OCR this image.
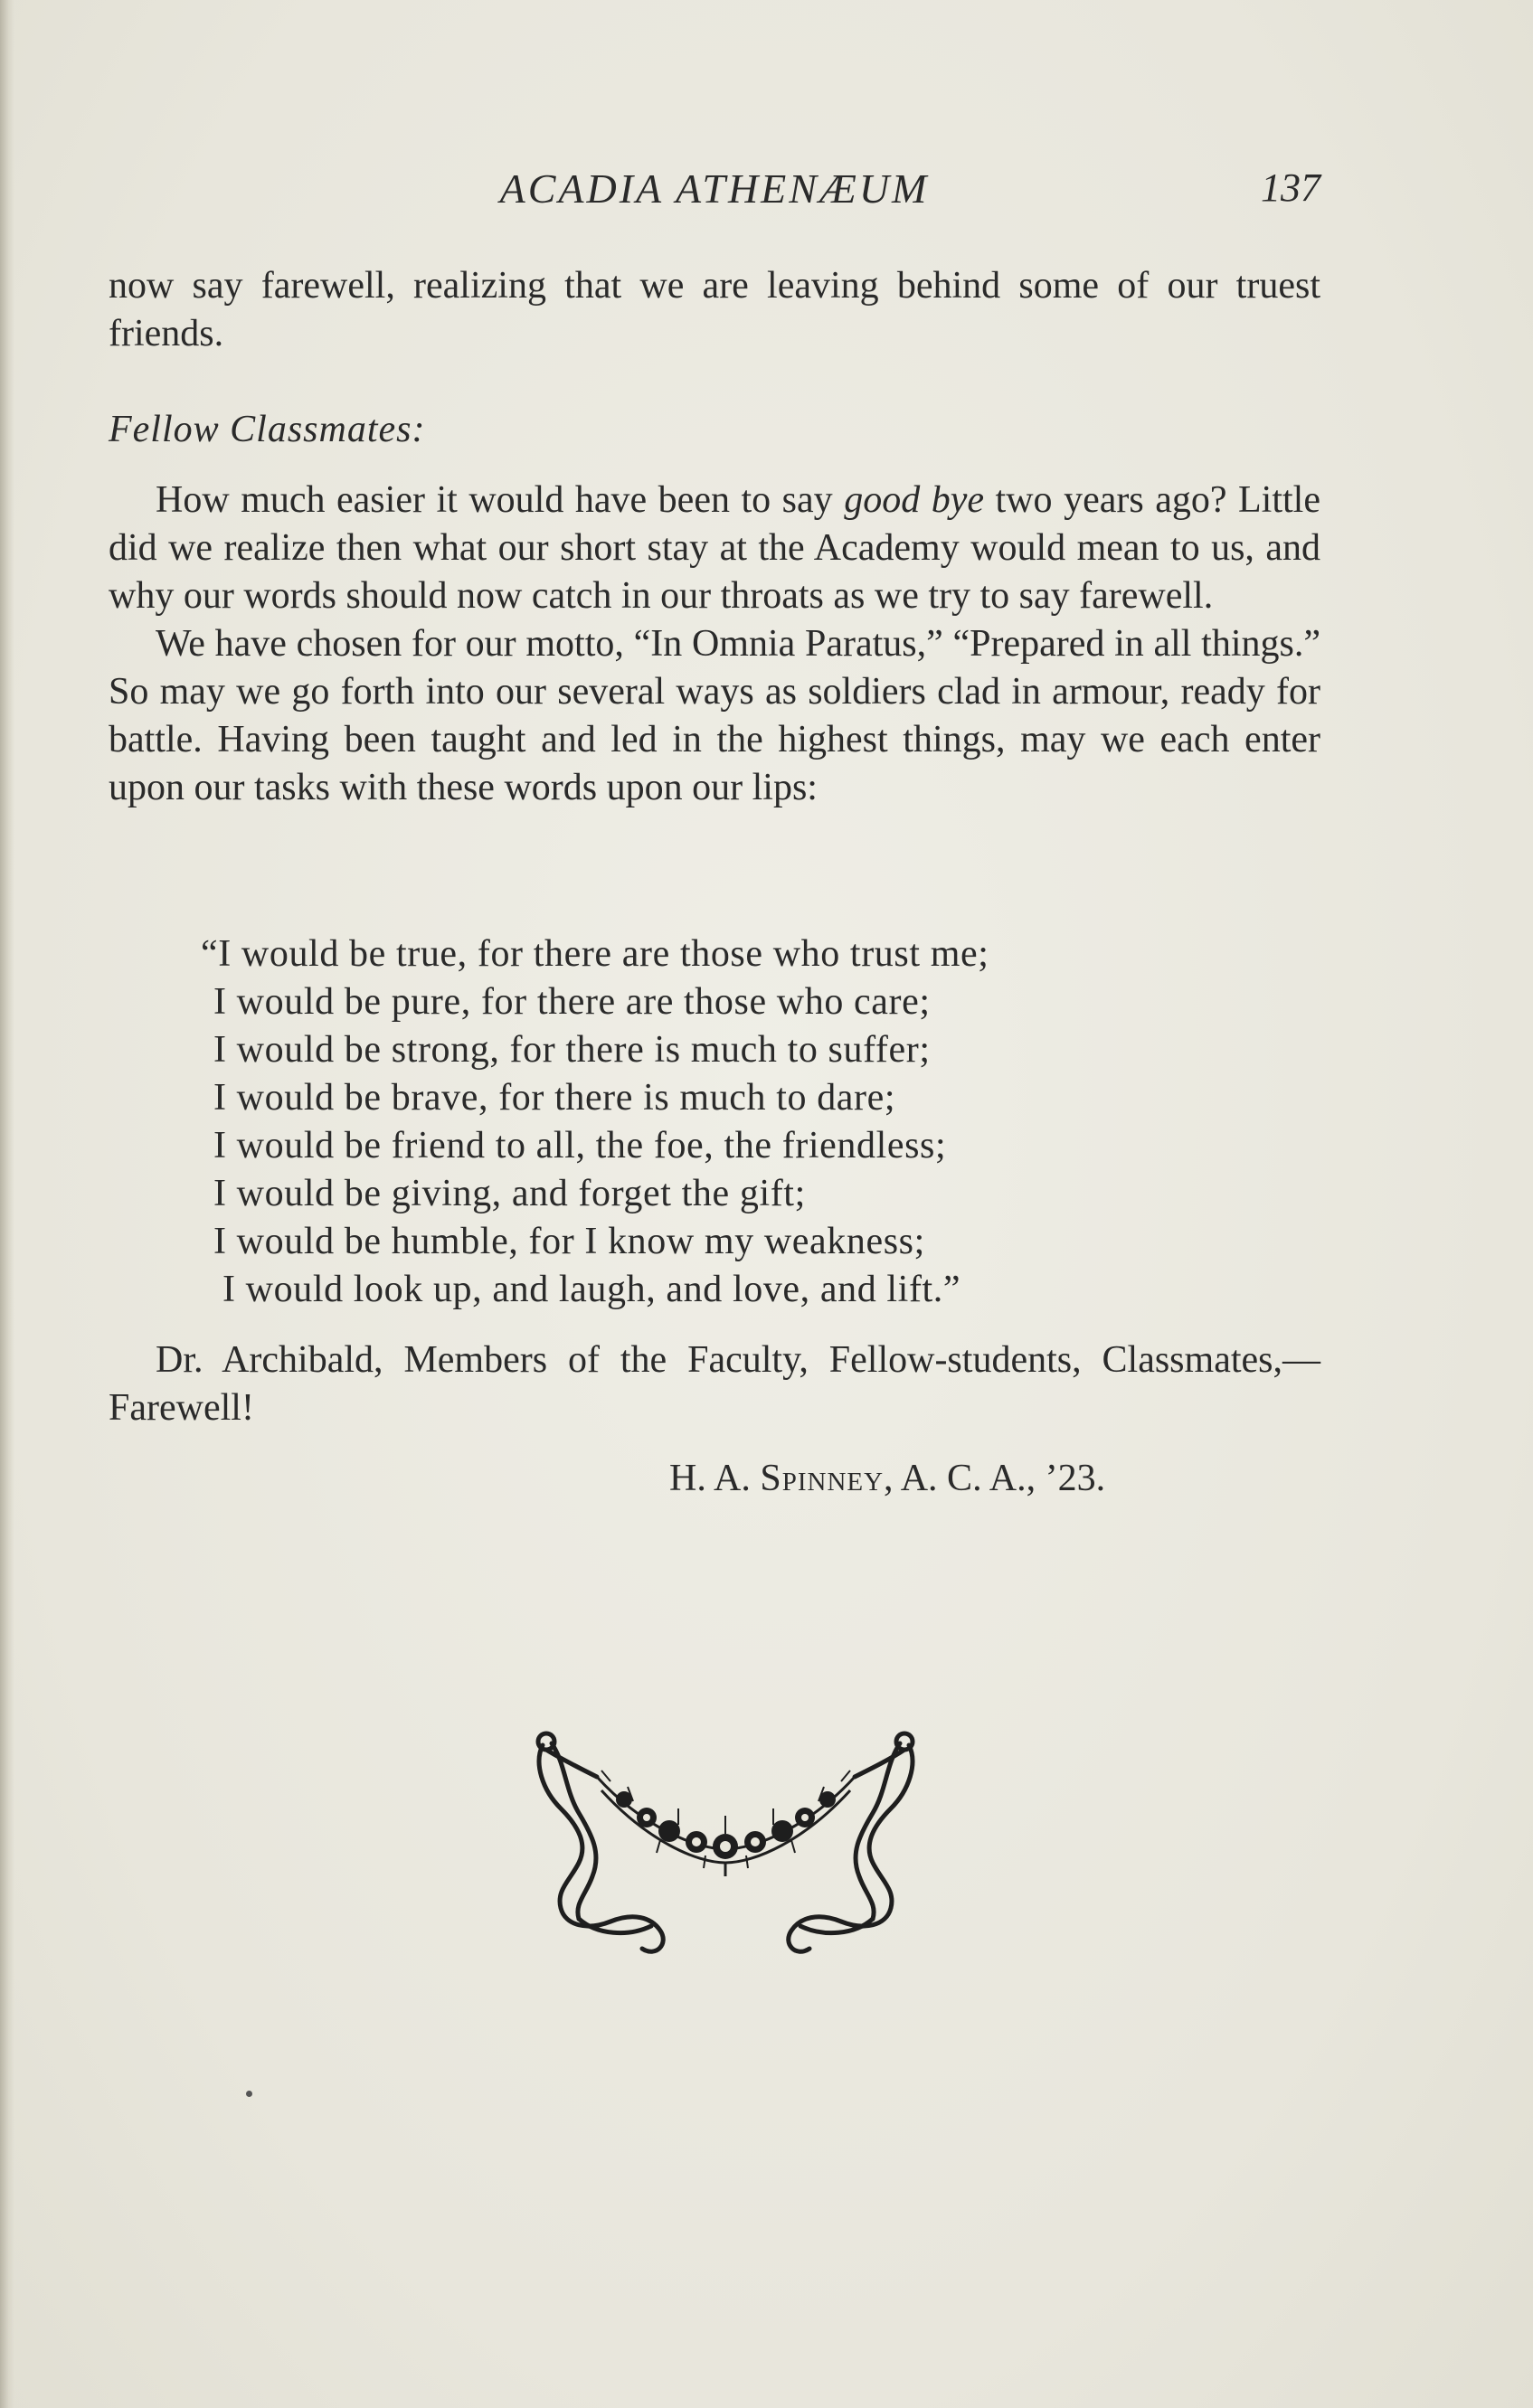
ACADIA ATHENÆUM	137

now say farewell, realizing that we are leaving behind some of our truest friends.

Fellow Classmates:

How much easier it would have been to say good bye two years ago? Little did we realize then what our short stay at the Academy would mean to us, and why our words should now catch in our throats as we try to say farewell.

We have chosen for our motto, “In Omnia Paratus,” “Prepared in all things.” So may we go forth into our several ways as soldiers clad in armour, ready for battle. Having been taught and led in the highest things, may we each enter upon our tasks with these words upon our lips:

“I would be true, for there are those who trust me;
I would be pure, for there are those who care;
I would be strong, for there is much to suffer;
I would be brave, for there is much to dare;
I would be friend to all, the foe, the friendless;
I would be giving, and forget the gift;
I would be humble, for I know my weakness;
I would look up, and laugh, and love, and lift.”

Dr. Archibald, Members of the Faculty, Fellow-students, Classmates,—Farewell!

H. A. Spinney, A. C. A., ’23.
